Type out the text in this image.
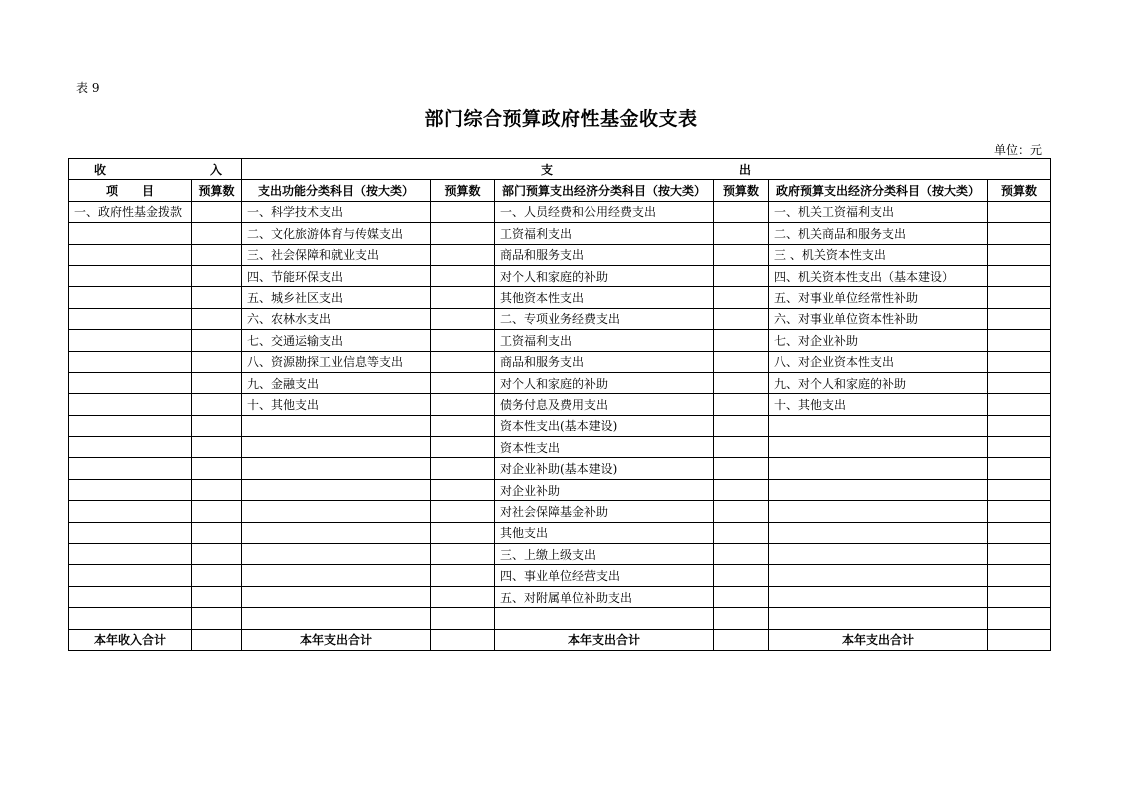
表 9
部门综合预算政府性基金收支表
单位：元
收 入		支 出					

项　　目	预算数	支出功能分类科目（按大类）	预算数	部门预算支出经济分类科目（按大类）	预算数	政府预算支出经济分类科目（按大类）	预算数
一、政府性基金拨款		一、科学技术支出		一、人员经费和公用经费支出		一、机关工资福利支出	
		二、文化旅游体育与传媒支出		工资福利支出		二、机关商品和服务支出	
		三、社会保障和就业支出		商品和服务支出		三 、机关资本性支出	
		四、节能环保支出		对个人和家庭的补助		四、机关资本性支出（基本建设）	
		五、城乡社区支出		其他资本性支出		五、对事业单位经常性补助	
		六、农林水支出		二、专项业务经费支出		六、对事业单位资本性补助	
		七、交通运输支出		工资福利支出		七、对企业补助	
		八、资源勘探工业信息等支出		商品和服务支出		八、对企业资本性支出	
		九、金融支出		对个人和家庭的补助		九、对个人和家庭的补助	
		十、其他支出		债务付息及费用支出		十、其他支出	
				资本性支出(基本建设)			
				资本性支出			
				对企业补助(基本建设)			
				对企业补助			
				对社会保障基金补助			
				其他支出			
				三、上缴上级支出			
				四、事业单位经营支出			
				五、对附属单位补助支出			

本年收入合计		本年支出合计		本年支出合计		本年支出合计	
